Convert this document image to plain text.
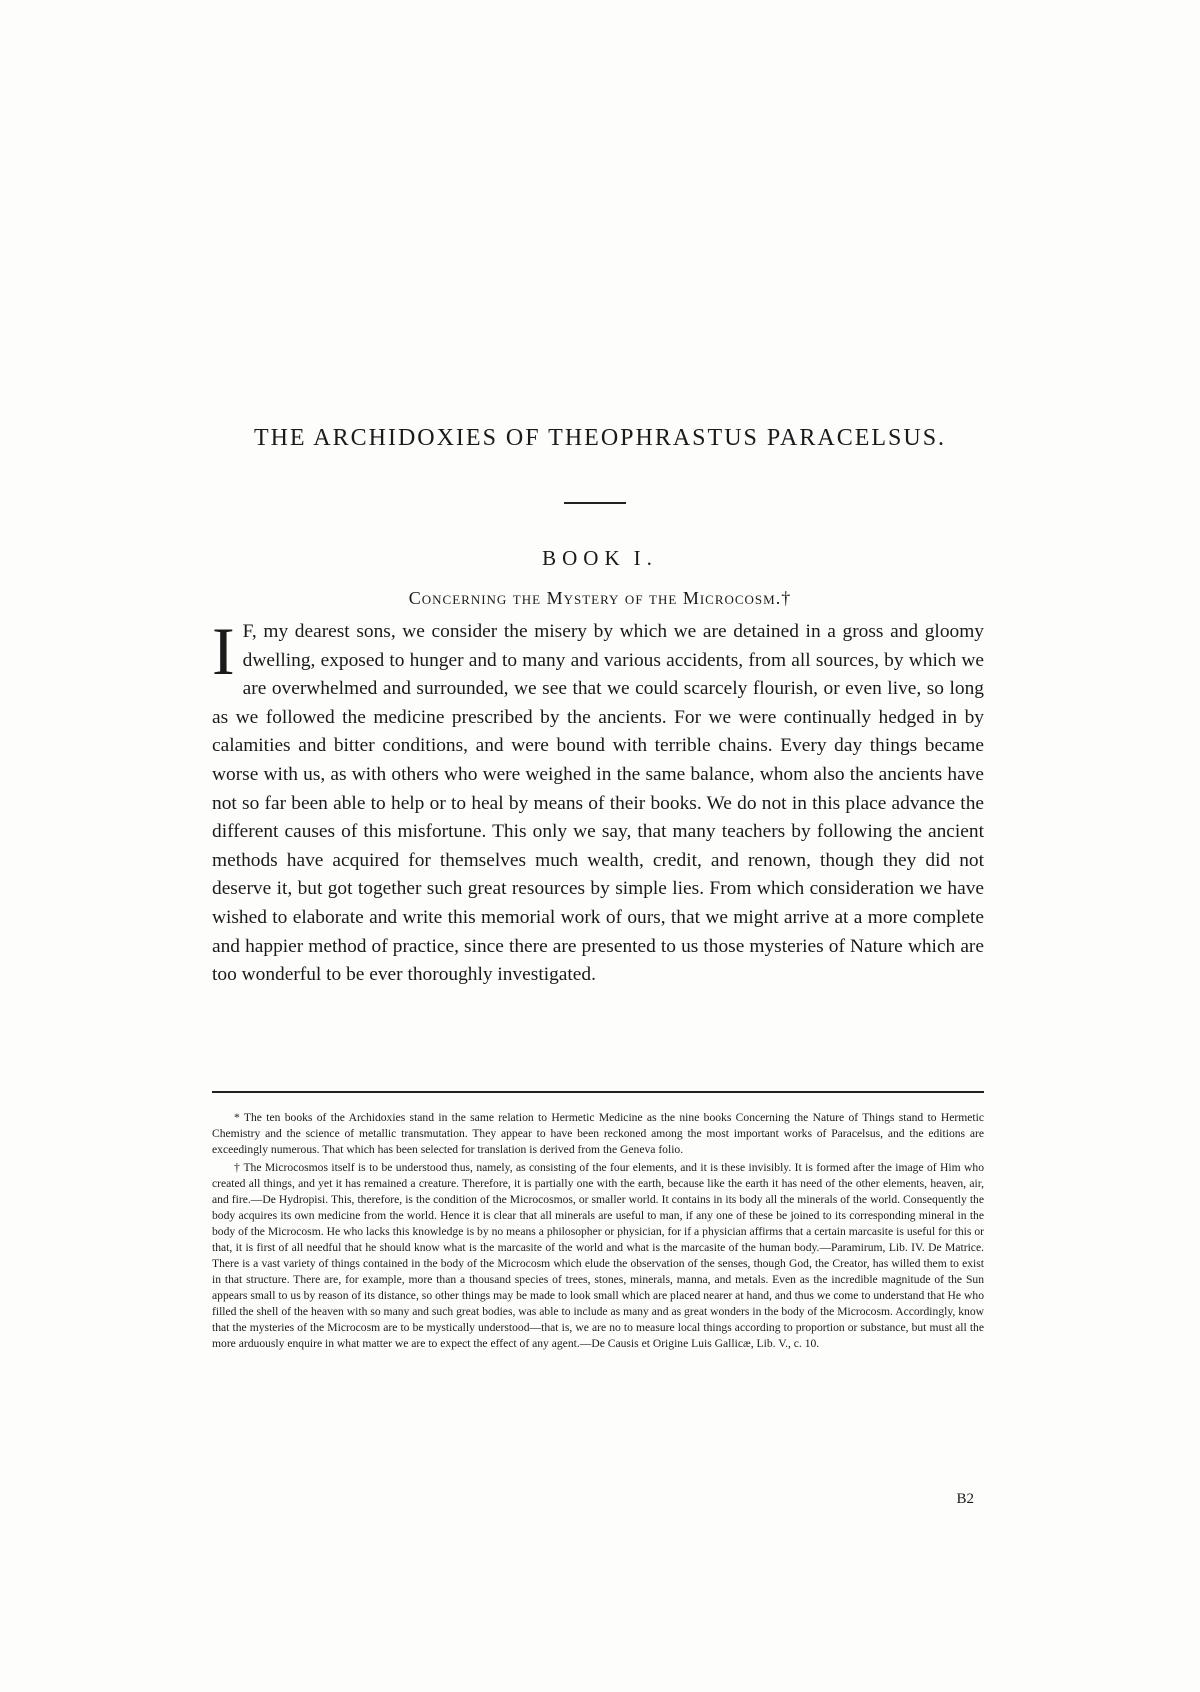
THE ARCHIDOXIES OF THEOPHRASTUS PARACELSUS.
BOOK I.
Concerning the Mystery of the Microcosm.†
I F, my dearest sons, we consider the misery by which we are detained in a gross and gloomy dwelling, exposed to hunger and to many and various accidents, from all sources, by which we are overwhelmed and surrounded, we see that we could scarcely flourish, or even live, so long as we followed the medicine prescribed by the ancients. For we were continually hedged in by calamities and bitter conditions, and were bound with terrible chains. Every day things became worse with us, as with others who were weighed in the same balance, whom also the ancients have not so far been able to help or to heal by means of their books. We do not in this place advance the different causes of this misfortune. This only we say, that many teachers by following the ancient methods have acquired for themselves much wealth, credit, and renown, though they did not deserve it, but got together such great resources by simple lies. From which consideration we have wished to elaborate and write this memorial work of ours, that we might arrive at a more complete and happier method of practice, since there are presented to us those mysteries of Nature which are too wonderful to be ever thoroughly investigated.

* The ten books of the Archidoxies stand in the same relation to Hermetic Medicine as the nine books Concerning the Nature of Things stand to Hermetic Chemistry and the science of metallic transmutation. They appear to have been reckoned among the most important works of Paracelsus, and the editions are exceedingly numerous. That which has been selected for translation is derived from the Geneva folio.

† The Microcosmos itself is to be understood thus, namely, as consisting of the four elements, and it is these invisibly. It is formed after the image of Him who created all things, and yet it has remained a creature. Therefore, it is partially one with the earth, because like the earth it has need of the other elements, heaven, air, and fire.—De Hydropisi. This, therefore, is the condition of the Microcosmos, or smaller world. It contains in its body all the minerals of the world. Consequently the body acquires its own medicine from the world. Hence it is clear that all minerals are useful to man, if any one of these be joined to its corresponding mineral in the body of the Microcosm. He who lacks this knowledge is by no means a philosopher or physician, for if a physician affirms that a certain marcasite is useful for this or that, it is first of all needful that he should know what is the marcasite of the world and what is the marcasite of the human body.—Paramirum, Lib. IV. De Matrice. There is a vast variety of things contained in the body of the Microcosm which elude the observation of the senses, though God, the Creator, has willed them to exist in that structure. There are, for example, more than a thousand species of trees, stones, minerals, manna, and metals. Even as the incredible magnitude of the Sun appears small to us by reason of its distance, so other things may be made to look small which are placed nearer at hand, and thus we come to understand that He who filled the shell of the heaven with so many and such great bodies, was able to include as many and as great wonders in the body of the Microcosm. Accordingly, know that the mysteries of the Microcosm are to be mystically understood—that is, we are no to measure local things according to proportion or substance, but must all the more arduously enquire in what matter we are to expect the effect of any agent.—De Causis et Origine Luis Gallicæ, Lib. V., c. 10.

B2
